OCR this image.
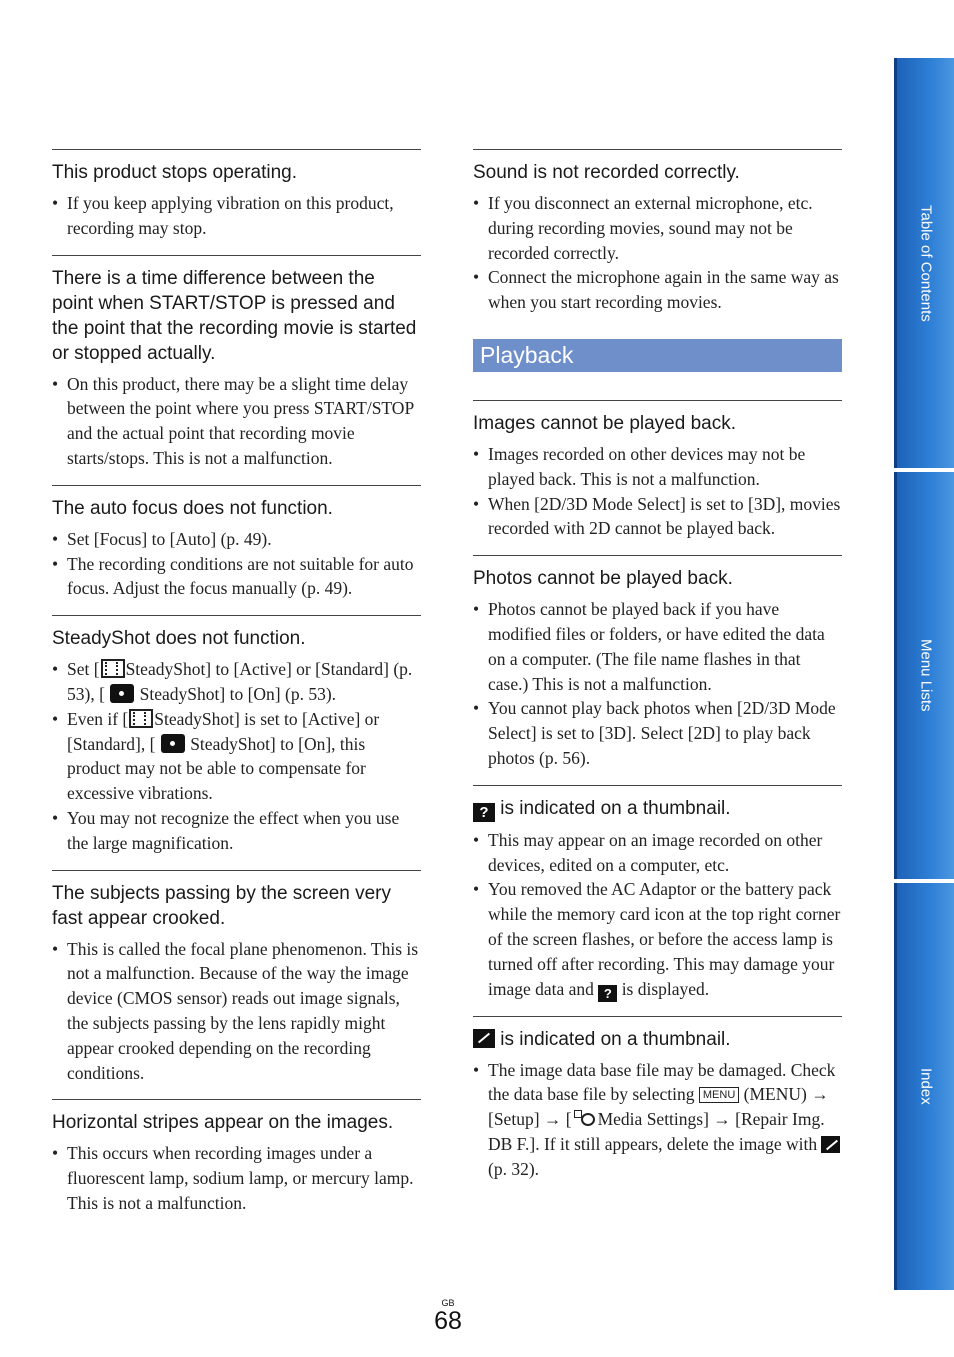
This product stops operating.
• If you keep applying vibration on this product, recording may stop.
There is a time difference between the point when START/STOP is pressed and the point that the recording movie is started or stopped actually.
• On this product, there may be a slight time delay between the point where you press START/STOP and the actual point that recording movie starts/stops. This is not a malfunction.
The auto focus does not function.
• Set [Focus] to [Auto] (p. 49).
• The recording conditions are not suitable for auto focus. Adjust the focus manually (p. 49).
SteadyShot does not function.
• Set [ SteadyShot] to [Active] or [Standard] (p. 53), [ SteadyShot] to [On] (p. 53).
• Even if [ SteadyShot] is set to [Active] or [Standard], [ SteadyShot] to [On], this product may not be able to compensate for excessive vibrations.
• You may not recognize the effect when you use the large magnification.
The subjects passing by the screen very fast appear crooked.
• This is called the focal plane phenomenon. This is not a malfunction. Because of the way the image device (CMOS sensor) reads out image signals, the subjects passing by the lens rapidly might appear crooked depending on the recording conditions.
Horizontal stripes appear on the images.
• This occurs when recording images under a fluorescent lamp, sodium lamp, or mercury lamp. This is not a malfunction.
Sound is not recorded correctly.
• If you disconnect an external microphone, etc. during recording movies, sound may not be recorded correctly.
• Connect the microphone again in the same way as when you start recording movies.
Playback
Images cannot be played back.
• Images recorded on other devices may not be played back. This is not a malfunction.
• When [2D/3D Mode Select] is set to [3D], movies recorded with 2D cannot be played back.
Photos cannot be played back.
• Photos cannot be played back if you have modified files or folders, or have edited the data on a computer. (The file name flashes in that case.) This is not a malfunction.
• You cannot play back photos when [2D/3D Mode Select] is set to [3D]. Select [2D] to play back photos (p. 56).
? is indicated on a thumbnail.
• This may appear on an image recorded on other devices, edited on a computer, etc.
• You removed the AC Adaptor or the battery pack while the memory card icon at the top right corner of the screen flashes, or before the access lamp is turned off after recording. This may damage your image data and ? is displayed.
is indicated on a thumbnail.
• The image data base file may be damaged. Check the data base file by selecting MENU (MENU) → [Setup] → [ Media Settings] → [Repair Img. DB F.]. If it still appears, delete the image with  (p. 32).
Table of Contents
Menu Lists
Index
GB
68
